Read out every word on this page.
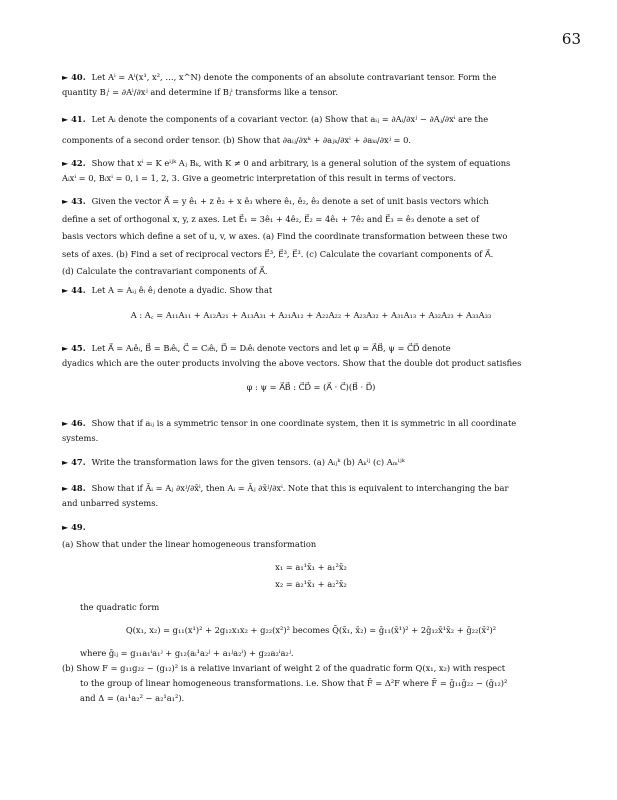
63
► 40. Let Aⁱ = Aⁱ(x¹, x², …, x^N) denote the components of an absolute contravariant tensor. Form the
quantity Bⱼⁱ = ∂Aⁱ/∂xʲ and determine if Bⱼⁱ transforms like a tensor.
► 41. Let Aᵢ denote the components of a covariant vector. (a) Show that aᵢⱼ = ∂Aᵢ/∂xʲ − ∂Aⱼ/∂xⁱ are the
components of a second order tensor. (b) Show that ∂aᵢⱼ/∂xᵏ + ∂aⱼₖ/∂xⁱ + ∂aₖᵢ/∂xʲ = 0.
► 42. Show that xⁱ = K eⁱʲᵏ Aⱼ Bₖ, with K ≠ 0 and arbitrary, is a general solution of the system of equations
Aᵢxⁱ = 0, Bᵢxⁱ = 0, i = 1, 2, 3. Give a geometric interpretation of this result in terms of vectors.
► 43. Given the vector A⃗ = y ê₁ + z ê₂ + x ê₃ where ê₁, ê₂, ê₃ denote a set of unit basis vectors which
define a set of orthogonal x, y, z axes. Let E⃗₁ = 3ê₁ + 4ê₂, E⃗₂ = 4ê₁ + 7ê₂ and E⃗₃ = ê₃ denote a set of
basis vectors which define a set of u, v, w axes. (a) Find the coordinate transformation between these two
sets of axes. (b) Find a set of reciprocal vectors E⃗³, E⃗³, E⃗³. (c) Calculate the covariant components of A⃗.
(d) Calculate the contravariant components of A⃗.
► 44. Let A = Aᵢⱼ êᵢ êⱼ denote a dyadic. Show that
A : A꜀ = A₁₁A₁₁ + A₁₂A₂₁ + A₁₃A₃₁ + A₂₁A₁₂ + A₂₂A₂₂ + A₂₃A₃₂ + A₃₁A₁₃ + A₃₂A₂₃ + A₃₃A₃₃
► 45. Let A⃗ = Aᵢêᵢ, B⃗ = Bᵢêᵢ, C⃗ = Cᵢêᵢ, D⃗ = Dᵢêᵢ denote vectors and let φ = A⃗B⃗, ψ = C⃗D⃗ denote
dyadics which are the outer products involving the above vectors. Show that the double dot product satisfies
φ : ψ = A⃗B⃗ : C⃗D⃗ = (A⃗ · C⃗)(B⃗ · D⃗)
► 46. Show that if aᵢⱼ is a symmetric tensor in one coordinate system, then it is symmetric in all coordinate
systems.
► 47. Write the transformation laws for the given tensors. (a) Aᵢⱼᵏ (b) Aₖⁱʲ (c) Aₘⁱʲᵏ
► 48. Show that if Āᵢ = Aⱼ ∂xʲ/∂x̄ⁱ, then Aᵢ = Āⱼ ∂x̄ʲ/∂xⁱ. Note that this is equivalent to interchanging the bar
and unbarred systems.
► 49.
(a) Show that under the linear homogeneous transformation
x₁ = a₁¹x̄₁ + a₁²x̄₂
x₂ = a₂¹x̄₁ + a₂²x̄₂
the quadratic form
Q(x₁, x₂) = g₁₁(x¹)² + 2g₁₂x₁x₂ + g₂₂(x²)² becomes Q̄(x̄₁, x̄₂) = ḡ₁₁(x̄¹)² + 2ḡ₁₂x̄¹x̄₂ + ḡ₂₂(x̄²)²
where ḡᵢⱼ = g₁₁a₁ⁱa₁ʲ + g₁₂(aᵢ¹a₂ʲ + a₁ʲa₂ⁱ) + g₂₂a₂ⁱa₂ʲ.
(b) Show F = g₁₁g₂₂ − (g₁₂)² is a relative invariant of weight 2 of the quadratic form Q(x₁, x₂) with respect
to the group of linear homogeneous transformations. i.e. Show that F̄ = Δ²F where F̄ = ḡ₁₁ḡ₂₂ − (ḡ₁₂)²
and Δ = (a₁¹a₂² − a₂¹a₁²).
